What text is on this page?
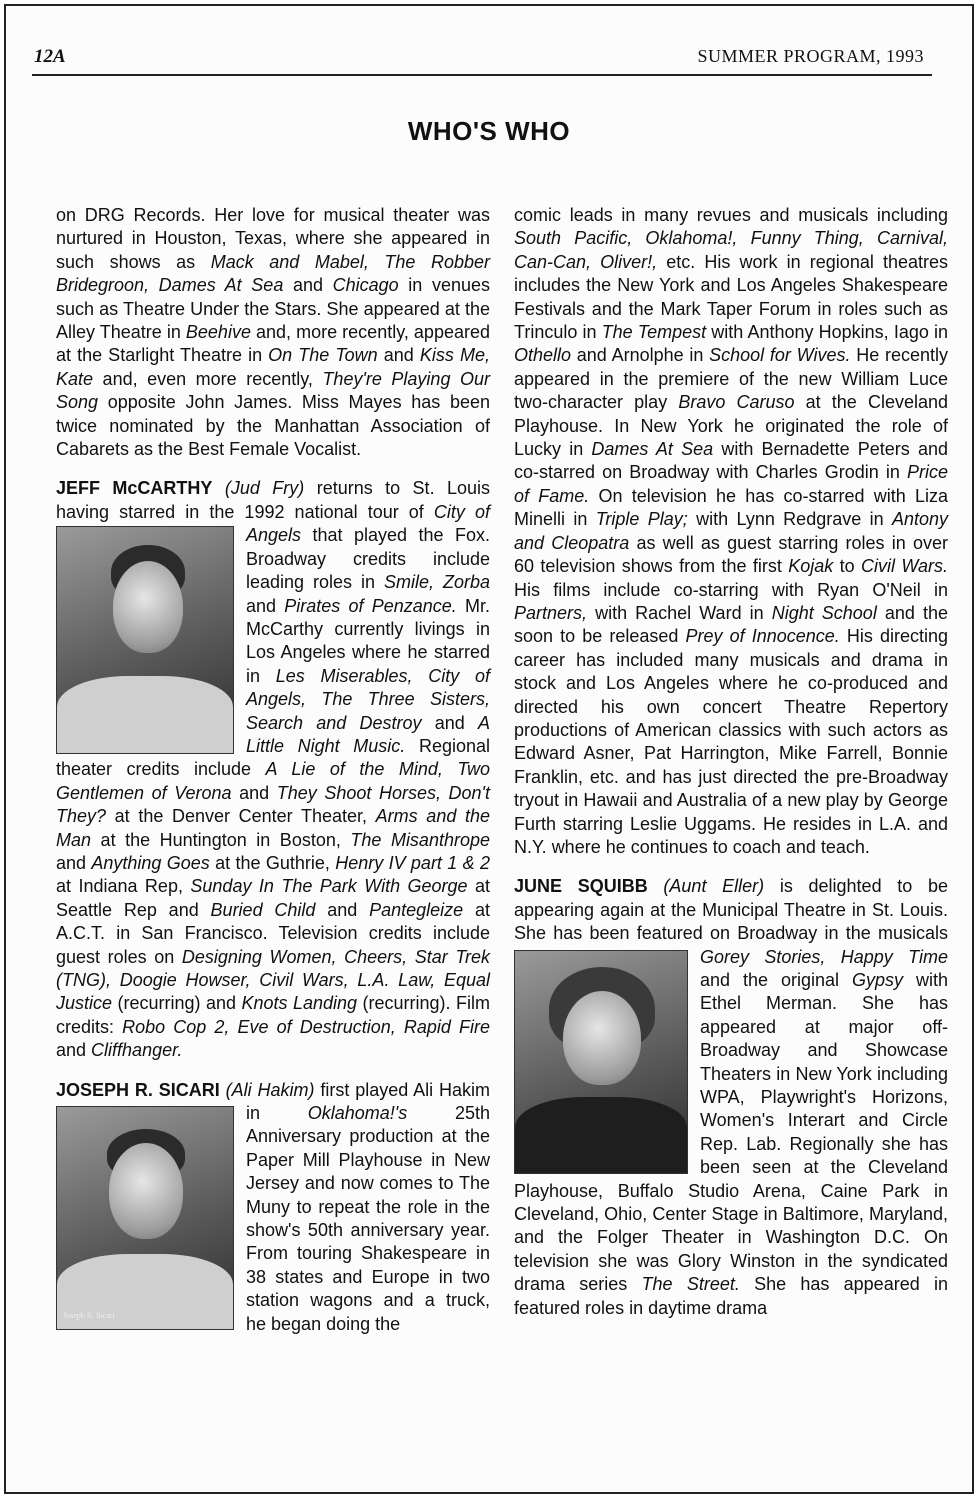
12A	SUMMER PROGRAM, 1993
WHO'S WHO

on DRG Records. Her love for musical theater was nurtured in Houston, Texas, where she appeared in such shows as Mack and Mabel, The Robber Bridegroon, Dames At Sea and Chicago in venues such as Theatre Under the Stars. She appeared at the Alley Theatre in Beehive and, more recently, appeared at the Starlight Theatre in On The Town and Kiss Me, Kate and, even more recently, They're Playing Our Song opposite John James. Miss Mayes has been twice nominated by the Manhattan Association of Cabarets as the Best Female Vocalist.

JEFF McCARTHY (Jud Fry) returns to St. Louis having starred in the 1992 national tour of City of Angels
that played the Fox. Broadway credits include leading roles in Smile, Zorba and Pirates of Penzance. Mr. McCarthy currently livings in Los Angeles where he starred in Les Miserables, City of Angels, The Three Sisters, Search and Destroy and A Little Night Music. Regional theater credits include A Lie of the Mind, Two Gentlemen of Verona and They Shoot Horses, Don't They? at the Denver Center Theater, Arms and the Man at the Huntington in Boston, The Misanthrope and Anything Goes at the Guthrie, Henry IV part 1 & 2 at Indiana Rep, Sunday In The Park With George at Seattle Rep and Buried Child and Pantegleize at A.C.T. in San Francisco. Television credits include guest roles on Designing Women, Cheers, Star Trek (TNG), Doogie Howser, Civil Wars, L.A. Law, Equal Justice (recurring) and Knots Landing (recurring). Film credits: Robo Cop 2, Eve of Destruction, Rapid Fire and Cliffhanger.

JOSEPH R. SICARI (Ali Hakim) first played Ali Hakim in Oklahoma!'s
Joseph R. Sicari
25th Anniversary production at the Paper Mill Playhouse in New Jersey and now comes to The Muny to repeat the role in the show's 50th anniversary year. From touring Shakespeare in 38 states and Europe in two station wagons and a truck, he began doing the

comic leads in many revues and musicals including South Pacific, Oklahoma!, Funny Thing, Carnival, Can-Can, Oliver!, etc. His work in regional theatres includes the New York and Los Angeles Shakespeare Festivals and the Mark Taper Forum in roles such as Trinculo in The Tempest with Anthony Hopkins, Iago in Othello and Arnolphe in School for Wives. He recently appeared in the premiere of the new William Luce two-character play Bravo Caruso at the Cleveland Playhouse. In New York he originated the role of Lucky in Dames At Sea with Bernadette Peters and co-starred on Broadway with Charles Grodin in Price of Fame. On television he has co-starred with Liza Minelli in Triple Play; with Lynn Redgrave in Antony and Cleopatra as well as guest starring roles in over 60 television shows from the first Kojak to Civil Wars. His films include co-starring with Ryan O'Neil in Partners, with Rachel Ward in Night School and the soon to be released Prey of Innocence. His directing career has included many musicals and drama in stock and Los Angeles where he co-produced and directed his own concert Theatre Repertory productions of American classics with such actors as Edward Asner, Pat Harrington, Mike Farrell, Bonnie Franklin, etc. and has just directed the pre-Broadway tryout in Hawaii and Australia of a new play by George Furth starring Leslie Uggams. He resides in L.A. and N.Y. where he continues to coach and teach.

JUNE SQUIBB (Aunt Eller) is delighted to be appearing again at the Municipal Theatre in St. Louis. She has been featured on Broadway in the musicals
Gorey Stories, Happy Time and the original Gypsy with Ethel Merman. She has appeared at major off-Broadway and Showcase Theaters in New York including WPA, Playwright's Horizons, Women's Interart and Circle Rep. Lab. Regionally she has been seen at the Cleveland Playhouse, Buffalo Studio Arena, Caine Park in Cleveland, Ohio, Center Stage in Baltimore, Maryland, and the Folger Theater in Washington D.C. On television she was Glory Winston in the syndicated drama series The Street. She has appeared in featured roles in daytime drama
